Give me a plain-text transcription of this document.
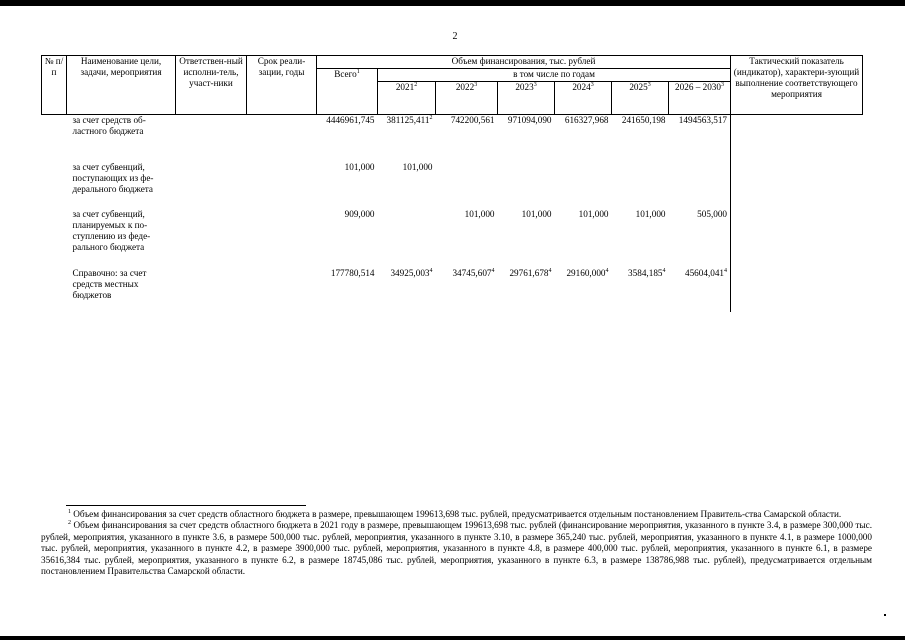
2
№ п/п	Наименование цели, задачи, мероприятия	Ответствен-ный исполни-тель, участ-ники	Срок реали-зации, годы	Объем финансирования, тыс. рублей							Тактический показатель (индикатор), характери-зующий выполнение соответствующего мероприятия
				Всего$^1$	в том числе по годам						
					2021$^2$	2022$^3$	2023$^3$	2024$^3$	2025$^3$	2026 – 2030$^3$
	за счет средств об-ластного бюджета			4446961,745	381125,411$^2$	742200,561	971094,090	616327,968	241650,198	1494563,517	
	за счет субвенций, поступающих из фе-дерального бюджета			101,000	101,000						
	за счет субвенций, планируемых к по-ступлению из феде-рального бюджета			909,000		101,000	101,000	101,000	101,000	505,000	
	Справочно: за счет средств местных бюджетов			177780,514	34925,003$^4$	34745,607$^4$	29761,678$^4$	29160,000$^4$	3584,185$^4$	45604,041$^4$	

$^1$ Объем финансирования за счет средств областного бюджета в размере, превышающем 199613,698 тыс. рублей, предусматривается отдельным постановлением Правитель-ства Самарской области.

$^2$ Объем финансирования за счет средств областного бюджета в 2021 году в размере, превышающем 199613,698 тыс. рублей (финансирование мероприятия, указанного в пункте 3.4, в размере 300,000 тыс. рублей, мероприятия, указанного в пункте 3.6, в размере 500,000 тыс. рублей, мероприятия, указанного в пункте 3.10, в размере 365,240 тыс. рублей, мероприятия, указанного в пункте 4.1, в размере 1000,000 тыс. рублей, мероприятия, указанного в пункте 4.2, в размере 3900,000 тыс. рублей, мероприятия, указанного в пункте 4.8, в размере 400,000 тыс. рублей, мероприятия, указанного в пункте 6.1, в размере 35616,384 тыс. рублей, мероприятия, указанного в пункте 6.2, в размере 18745,086 тыс. рублей, мероприятия, указанного в пункте 6.3, в размере 138786,988 тыс. рублей), предусматривается отдельным постановлением Правительства Самарской области.
